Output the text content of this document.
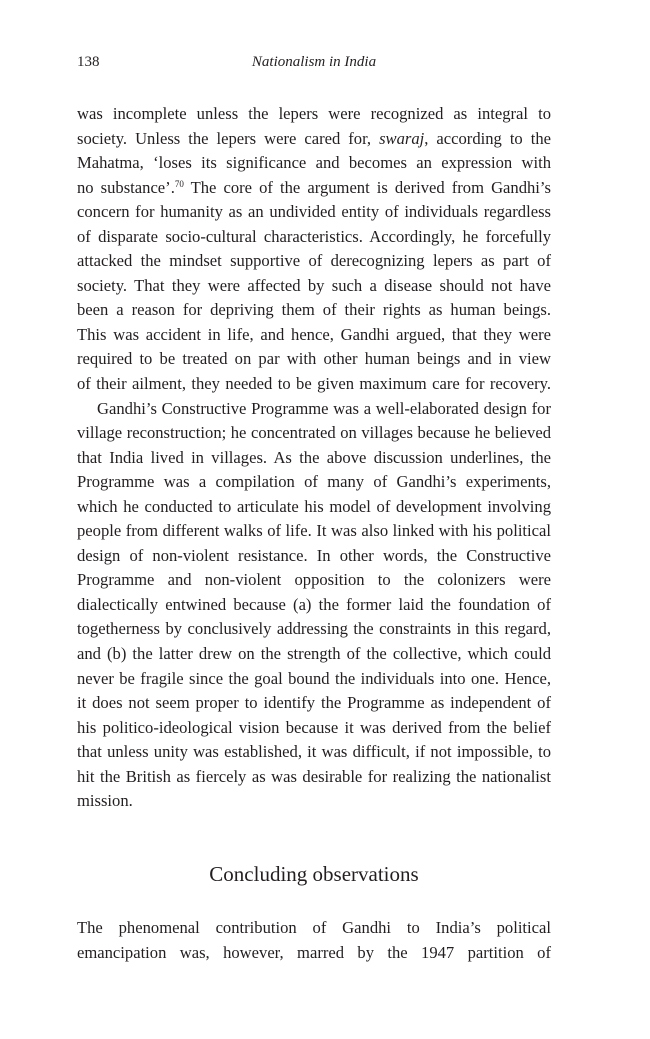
138	Nationalism in India

was incomplete unless the lepers were recognized as integral to
society. Unless the lepers were cared for, swaraj, according to the
Mahatma, ‘loses its significance and becomes an expression with
no substance’.$^{70}$ The core of the argument is derived from Gandhi’s
concern for humanity as an undivided entity of individuals regardless
of disparate socio-cultural characteristics. Accordingly, he forcefully
attacked the mindset supportive of derecognizing lepers as part of
society. That they were affected by such a disease should not have
been a reason for depriving them of their rights as human beings.
This was accident in life, and hence, Gandhi argued, that they were
required to be treated on par with other human beings and in view
of their ailment, they needed to be given maximum care for recovery.

Gandhi’s Constructive Programme was a well-elaborated design for
village reconstruction; he concentrated on villages because he believed
that India lived in villages. As the above discussion underlines, the
Programme was a compilation of many of Gandhi’s experiments,
which he conducted to articulate his model of development involving
people from different walks of life. It was also linked with his political
design of non-violent resistance. In other words, the Constructive
Programme and non-violent opposition to the colonizers were
dialectically entwined because (a) the former laid the foundation of
togetherness by conclusively addressing the constraints in this regard,
and (b) the latter drew on the strength of the collective, which could
never be fragile since the goal bound the individuals into one. Hence,
it does not seem proper to identify the Programme as independent of
his politico-ideological vision because it was derived from the belief
that unless unity was established, it was difficult, if not impossible, to
hit the British as fiercely as was desirable for realizing the nationalist
mission.

Concluding observations

The phenomenal contribution of Gandhi to India’s political
emancipation was, however, marred by the 1947 partition of
